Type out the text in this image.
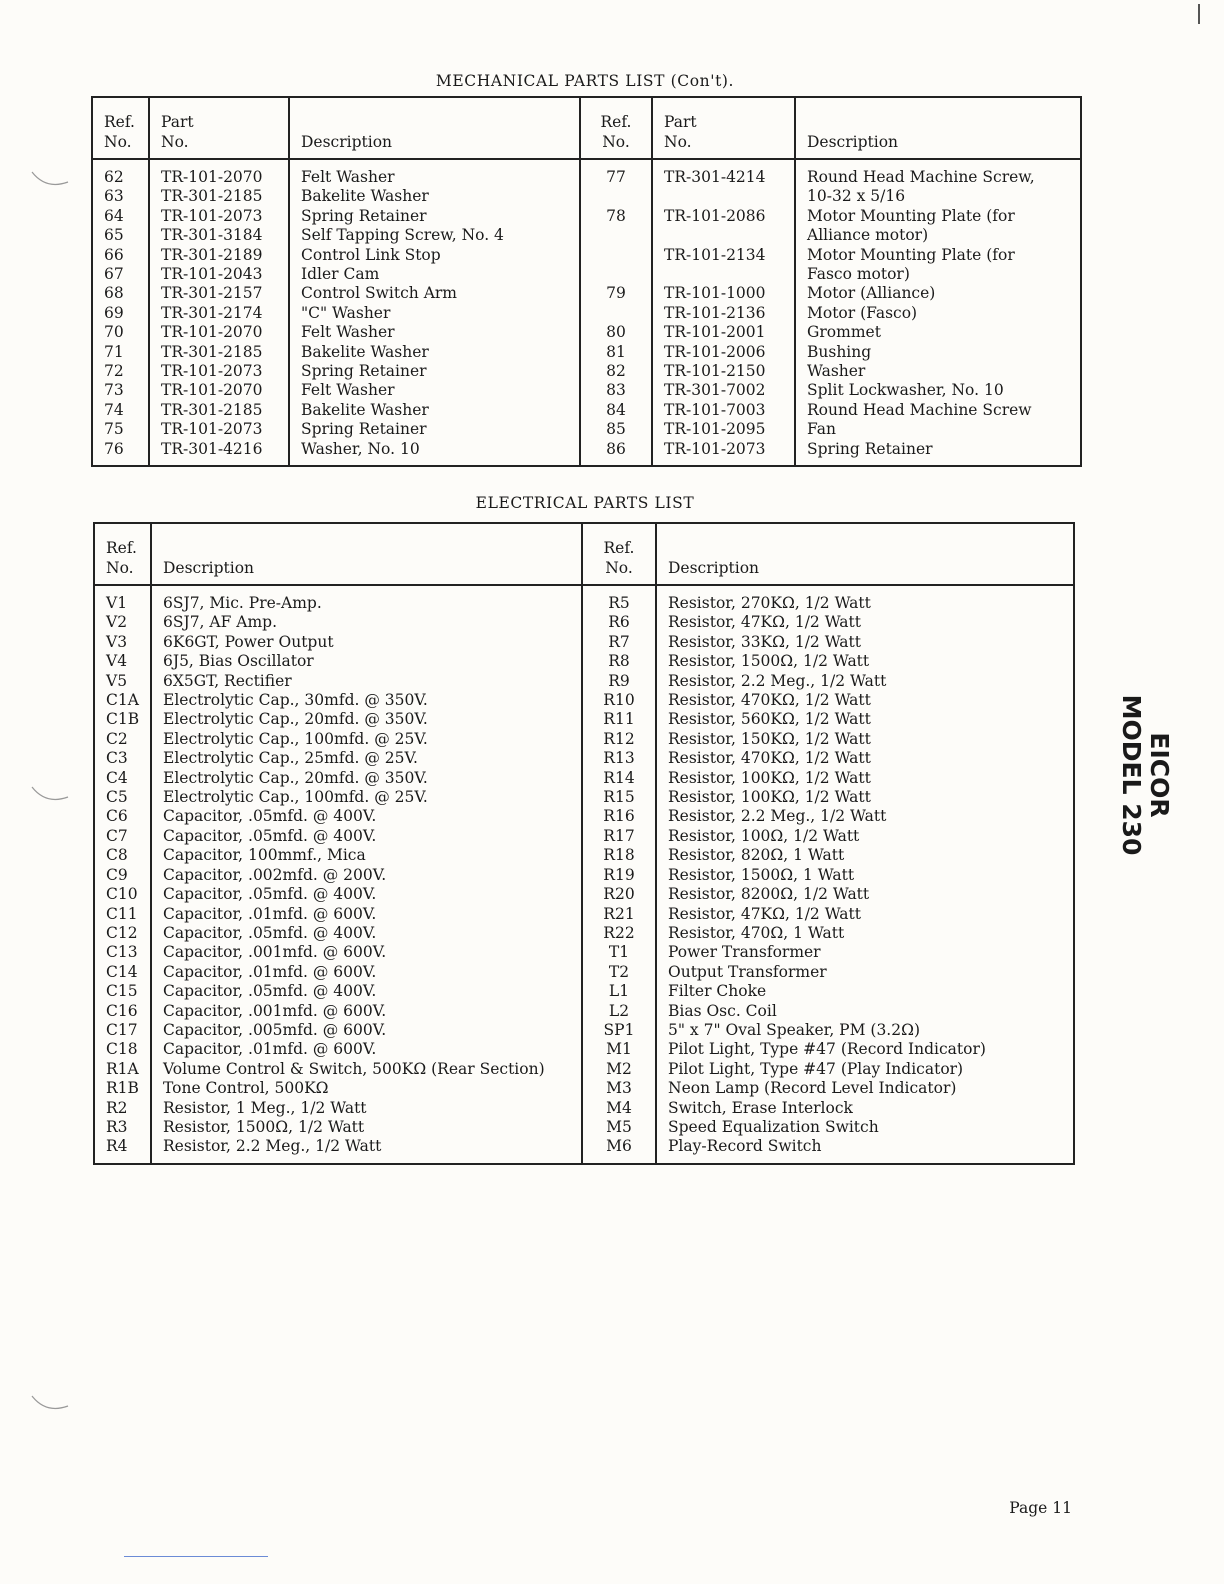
MECHANICAL PARTS LIST (Con't).
Ref.
No.	Part
No.	Description	Ref.
No.	Part
No.	Description
62	TR-101-2070	Felt Washer	77	TR-301-4214	Round Head Machine Screw,
63	TR-301-2185	Bakelite Washer			10-32 x 5/16
64	TR-101-2073	Spring Retainer	78	TR-101-2086	Motor Mounting Plate (for
65	TR-301-3184	Self Tapping Screw, No. 4			Alliance motor)
66	TR-301-2189	Control Link Stop		TR-101-2134	Motor Mounting Plate (for
67	TR-101-2043	Idler Cam			Fasco motor)
68	TR-301-2157	Control Switch Arm	79	TR-101-1000	Motor (Alliance)
69	TR-301-2174	"C" Washer		TR-101-2136	Motor (Fasco)
70	TR-101-2070	Felt Washer	80	TR-101-2001	Grommet
71	TR-301-2185	Bakelite Washer	81	TR-101-2006	Bushing
72	TR-101-2073	Spring Retainer	82	TR-101-2150	Washer
73	TR-101-2070	Felt Washer	83	TR-301-7002	Split Lockwasher, No. 10
74	TR-301-2185	Bakelite Washer	84	TR-101-7003	Round Head Machine Screw
75	TR-101-2073	Spring Retainer	85	TR-101-2095	Fan
76	TR-301-4216	Washer, No. 10	86	TR-101-2073	Spring Retainer
ELECTRICAL PARTS LIST
Ref.
No.	Description	Ref.
No.	Description
V1	6SJ7, Mic. Pre-Amp.	R5	Resistor, 270KΩ, 1/2 Watt
V2	6SJ7, AF Amp.	R6	Resistor, 47KΩ, 1/2 Watt
V3	6K6GT, Power Output	R7	Resistor, 33KΩ, 1/2 Watt
V4	6J5, Bias Oscillator	R8	Resistor, 1500Ω, 1/2 Watt
V5	6X5GT, Rectifier	R9	Resistor, 2.2 Meg., 1/2 Watt
C1A	Electrolytic Cap., 30mfd. @ 350V.	R10	Resistor, 470KΩ, 1/2 Watt
C1B	Electrolytic Cap., 20mfd. @ 350V.	R11	Resistor, 560KΩ, 1/2 Watt
C2	Electrolytic Cap., 100mfd. @ 25V.	R12	Resistor, 150KΩ, 1/2 Watt
C3	Electrolytic Cap., 25mfd. @ 25V.	R13	Resistor, 470KΩ, 1/2 Watt
C4	Electrolytic Cap., 20mfd. @ 350V.	R14	Resistor, 100KΩ, 1/2 Watt
C5	Electrolytic Cap., 100mfd. @ 25V.	R15	Resistor, 100KΩ, 1/2 Watt
C6	Capacitor, .05mfd. @ 400V.	R16	Resistor, 2.2 Meg., 1/2 Watt
C7	Capacitor, .05mfd. @ 400V.	R17	Resistor, 100Ω, 1/2 Watt
C8	Capacitor, 100mmf., Mica	R18	Resistor, 820Ω, 1 Watt
C9	Capacitor, .002mfd. @ 200V.	R19	Resistor, 1500Ω, 1 Watt
C10	Capacitor, .05mfd. @ 400V.	R20	Resistor, 8200Ω, 1/2 Watt
C11	Capacitor, .01mfd. @ 600V.	R21	Resistor, 47KΩ, 1/2 Watt
C12	Capacitor, .05mfd. @ 400V.	R22	Resistor, 470Ω, 1 Watt
C13	Capacitor, .001mfd. @ 600V.	T1	Power Transformer
C14	Capacitor, .01mfd. @ 600V.	T2	Output Transformer
C15	Capacitor, .05mfd. @ 400V.	L1	Filter Choke
C16	Capacitor, .001mfd. @ 600V.	L2	Bias Osc. Coil
C17	Capacitor, .005mfd. @ 600V.	SP1	5" x 7" Oval Speaker, PM (3.2Ω)
C18	Capacitor, .01mfd. @ 600V.	M1	Pilot Light, Type #47 (Record Indicator)
R1A	Volume Control & Switch, 500KΩ (Rear Section)	M2	Pilot Light, Type #47 (Play Indicator)
R1B	Tone Control, 500KΩ	M3	Neon Lamp (Record Level Indicator)
R2	Resistor, 1 Meg., 1/2 Watt	M4	Switch, Erase Interlock
R3	Resistor, 1500Ω, 1/2 Watt	M5	Speed Equalization Switch
R4	Resistor, 2.2 Meg., 1/2 Watt	M6	Play-Record Switch
EICOR
MODEL 230
Page 11
